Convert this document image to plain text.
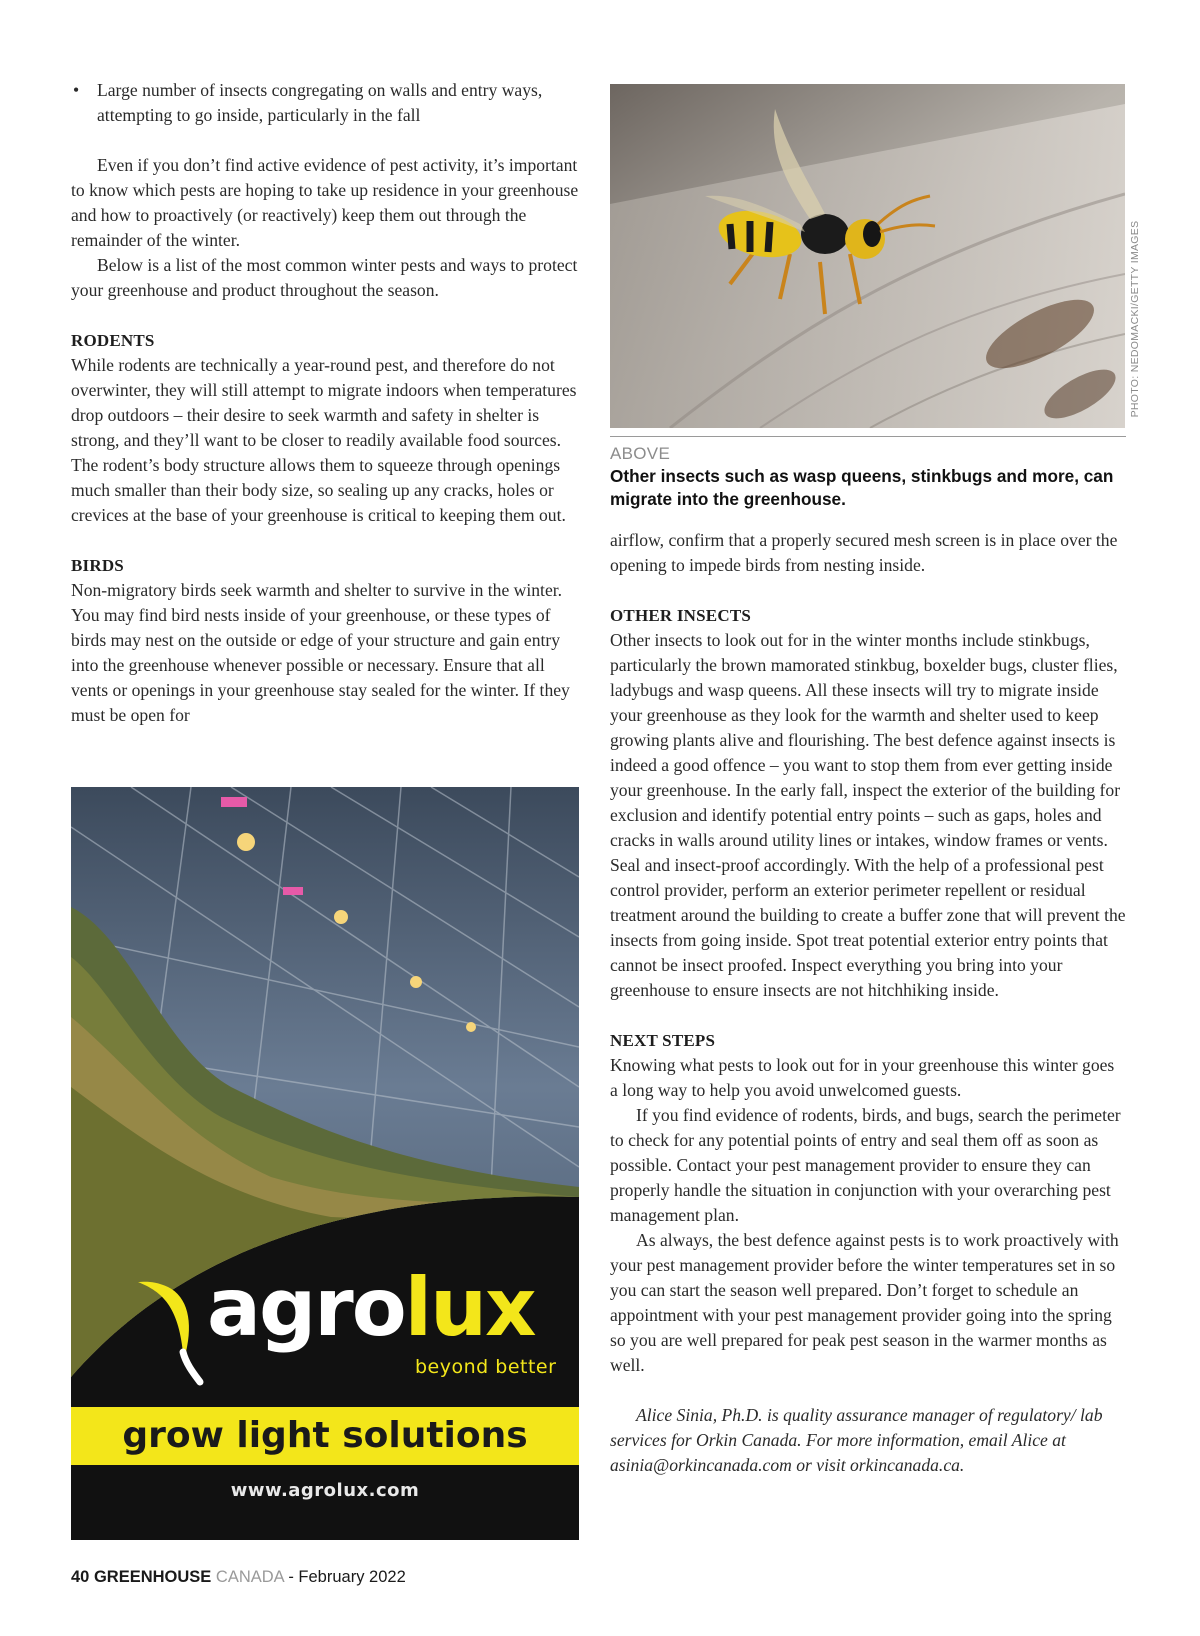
• Large number of insects congregating on walls and entry ways, attempting to go inside, particularly in the fall

Even if you don’t find active evidence of pest activity, it’s important to know which pests are hoping to take up residence in your greenhouse and how to proactively (or reactively) keep them out through the remainder of the winter.

Below is a list of the most common winter pests and ways to protect your greenhouse and product throughout the season.

RODENTS

While rodents are technically a year-round pest, and therefore do not overwinter, they will still attempt to migrate indoors when temperatures drop outdoors – their desire to seek warmth and safety in shelter is strong, and they’ll want to be closer to readily available food sources. The rodent’s body structure allows them to squeeze through openings much smaller than their body size, so sealing up any cracks, holes or crevices at the base of your greenhouse is critical to keeping them out.

BIRDS

Non-migratory birds seek warmth and shelter to survive in the winter. You may find bird nests inside of your greenhouse, or these types of birds may nest on the outside or edge of your structure and gain entry into the greenhouse whenever possible or necessary. Ensure that all vents or openings in your greenhouse stay sealed for the winter. If they must be open for

PHOTO: NEDOMACKI/GETTY IMAGES
ABOVE
Other insects such as wasp queens, stinkbugs and more, can migrate into the greenhouse.

airflow, confirm that a properly secured mesh screen is in place over the opening to impede birds from nesting inside.

OTHER INSECTS

Other insects to look out for in the winter months include stinkbugs, particularly the brown mamorated stinkbug, boxelder bugs, cluster flies, ladybugs and wasp queens. All these insects will try to migrate inside your greenhouse as they look for the warmth and shelter used to keep growing plants alive and flourishing. The best defence against insects is indeed a good offence – you want to stop them from ever getting inside your greenhouse. In the early fall, inspect the exterior of the building for exclusion and identify potential entry points – such as gaps, holes and cracks in walls around utility lines or intakes, window frames or vents. Seal and insect-proof accordingly. With the help of a professional pest control provider, perform an exterior perimeter repellent or residual treatment around the building to create a buffer zone that will prevent the insects from going inside. Spot treat potential exterior entry points that cannot be insect proofed. Inspect everything you bring into your greenhouse to ensure insects are not hitchhiking inside.

NEXT STEPS

Knowing what pests to look out for in your greenhouse this winter goes a long way to help you avoid unwelcomed guests.

If you find evidence of rodents, birds, and bugs, search the perimeter to check for any potential points of entry and seal them off as soon as possible. Contact your pest management provider to ensure they can properly handle the situation in conjunction with your overarching pest management plan.

As always, the best defence against pests is to work proactively with your pest management provider before the winter temperatures set in so you can start the season well prepared. Don’t forget to schedule an appointment with your pest management provider going into the spring so you are well prepared for peak pest season in the warmer months as well.

Alice Sinia, Ph.D. is quality assurance manager of regulatory/ lab services for Orkin Canada. For more information, email Alice at asinia@orkincanada.com or visit orkincanada.ca.

agrolux
beyond better
grow light solutions
www.agrolux.com
40 GREENHOUSE CANADA - February 2022
